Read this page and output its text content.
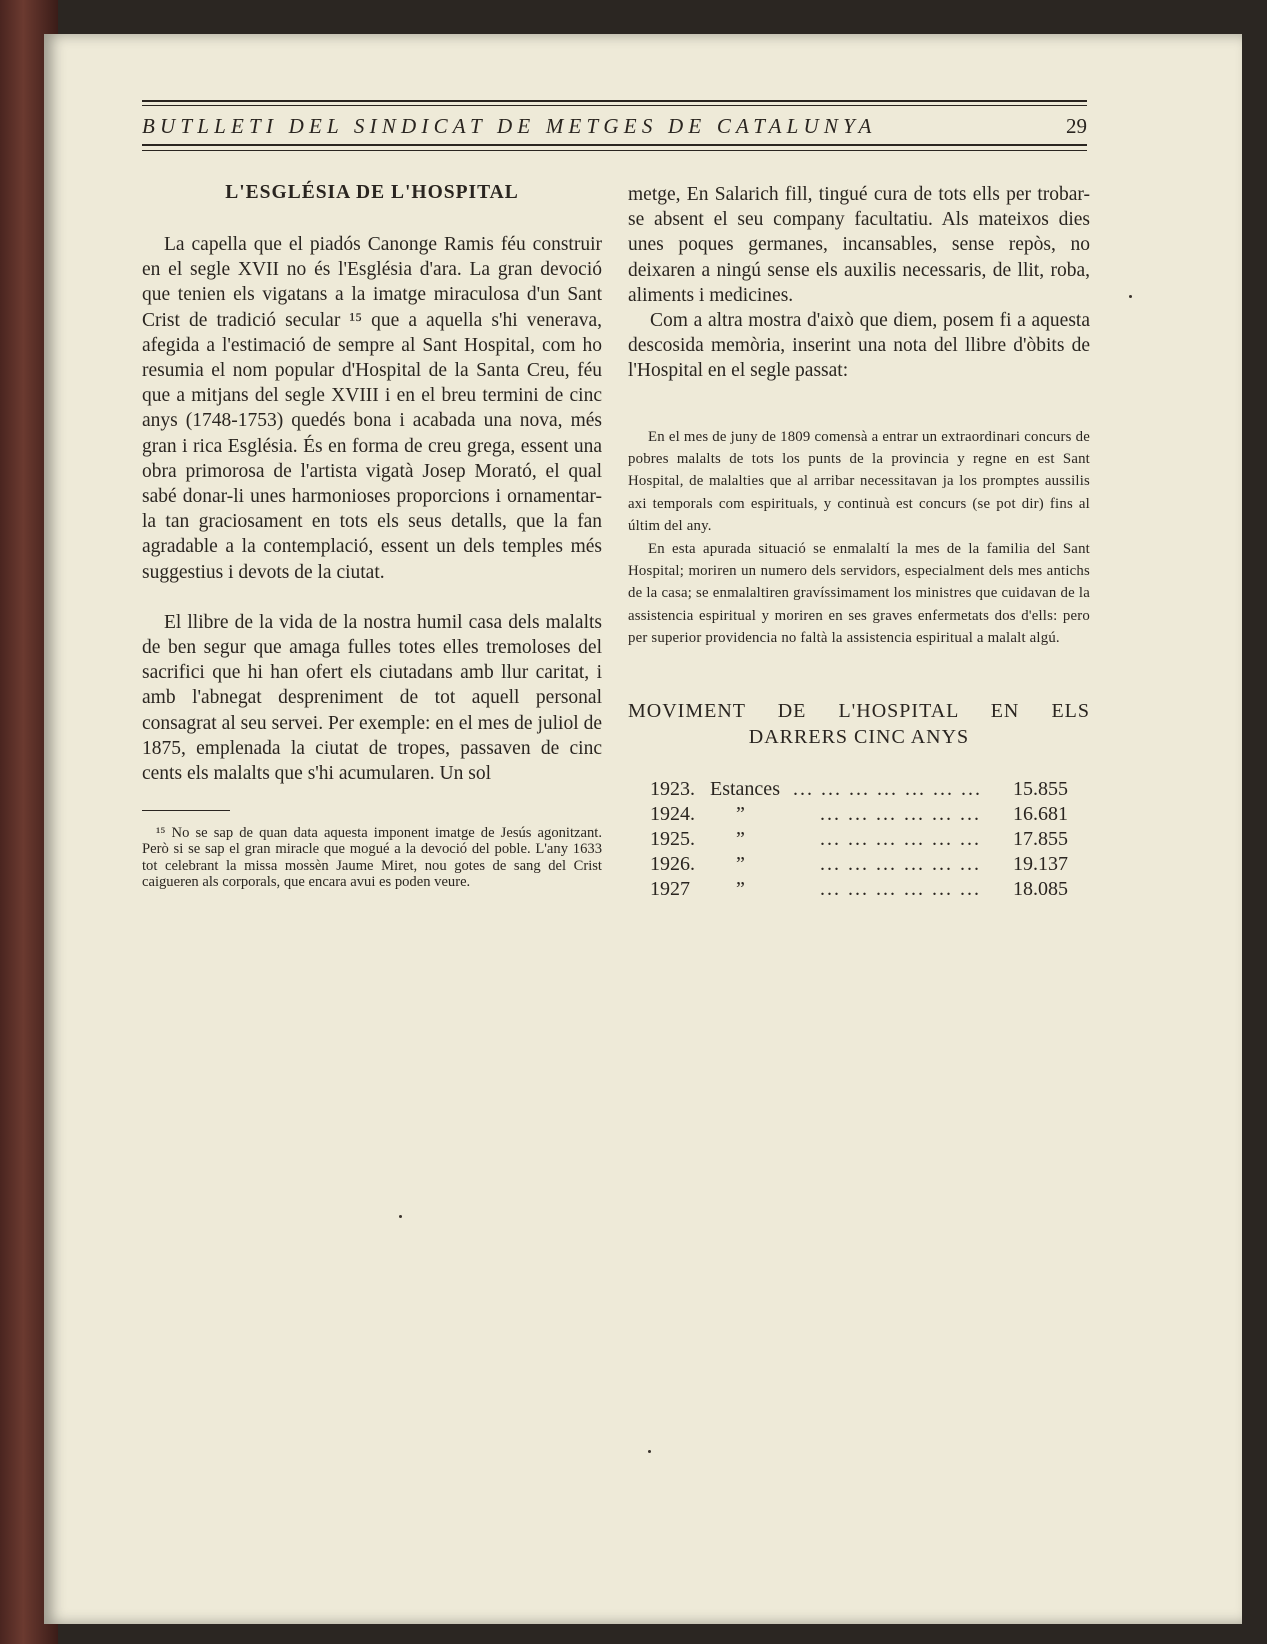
BUTLLETI DEL SINDICAT DE METGES DE CATALUNYA	29
L'ESGLÉSIA DE L'HOSPITAL

La capella que el piadós Canonge Ramis féu construir en el segle XVII no és l'Església d'ara. La gran devoció que tenien els vigatans a la imatge miraculosa d'un Sant Crist de tradició secular ¹⁵ que a aquella s'hi venerava, afegida a l'estimació de sempre al Sant Hospital, com ho resumia el nom popular d'Hospital de la Santa Creu, féu que a mitjans del segle XVIII i en el breu termini de cinc anys (1748-1753) quedés bona i acabada una nova, més gran i rica Església. És en forma de creu grega, essent una obra primorosa de l'artista vigatà Josep Morató, el qual sabé donar-li unes harmonioses proporcions i ornamentar-la tan graciosament en tots els seus detalls, que la fan agradable a la contemplació, essent un dels temples més suggestius i devots de la ciutat.

El llibre de la vida de la nostra humil casa dels malalts de ben segur que amaga fulles totes elles tremoloses del sacrifici que hi han ofert els ciutadans amb llur caritat, i amb l'abnegat despreniment de tot aquell personal consagrat al seu servei. Per exemple: en el mes de juliol de 1875, emplenada la ciutat de tropes, passaven de cinc cents els malalts que s'hi acumularen. Un sol

¹⁵ No se sap de quan data aquesta imponent imatge de Jesús agonitzant. Però si se sap el gran miracle que mogué a la devoció del poble. L'any 1633 tot celebrant la missa mossèn Jaume Miret, nou gotes de sang del Crist caigueren als corporals, que encara avui es poden veure.

metge, En Salarich fill, tingué cura de tots ells per trobar-se absent el seu company facultatiu. Als mateixos dies unes poques germanes, incansables, sense repòs, no deixaren a ningú sense els auxilis necessaris, de llit, roba, aliments i medicines.

Com a altra mostra d'això que diem, posem fi a aquesta descosida memòria, inserint una nota del llibre d'òbits de l'Hospital en el segle passat:

En el mes de juny de 1809 comensà a entrar un extraordinari concurs de pobres malalts de tots los punts de la provincia y regne en est Sant Hospital, de malalties que al arribar necessitavan ja los promptes aussilis axi temporals com espirituals, y continuà est concurs (se pot dir) fins al últim del any.

En esta apurada situació se enmalaltí la mes de la familia del Sant Hospital; moriren un numero dels servidors, especialment dels mes antichs de la casa; se enmalaltiren gravíssimament los ministres que cuidavan de la assistencia espiritual y moriren en ses graves enfermetats dos d'ells: pero per superior providencia no faltà la assistencia espiritual a malalt algú.

MOVIMENT DE L'HOSPITAL EN ELS
DARRERS CINC ANYS
1923. Estances ... ... ... ... ... ... ... 15.855
1924. ”	... ... ... ... ... ... 16.681
1925. ”	... ... ... ... ... ... 17.855
1926. ”	... ... ... ... ... ... 19.137
1927 ”	... ... ... ... ... ... 18.085
